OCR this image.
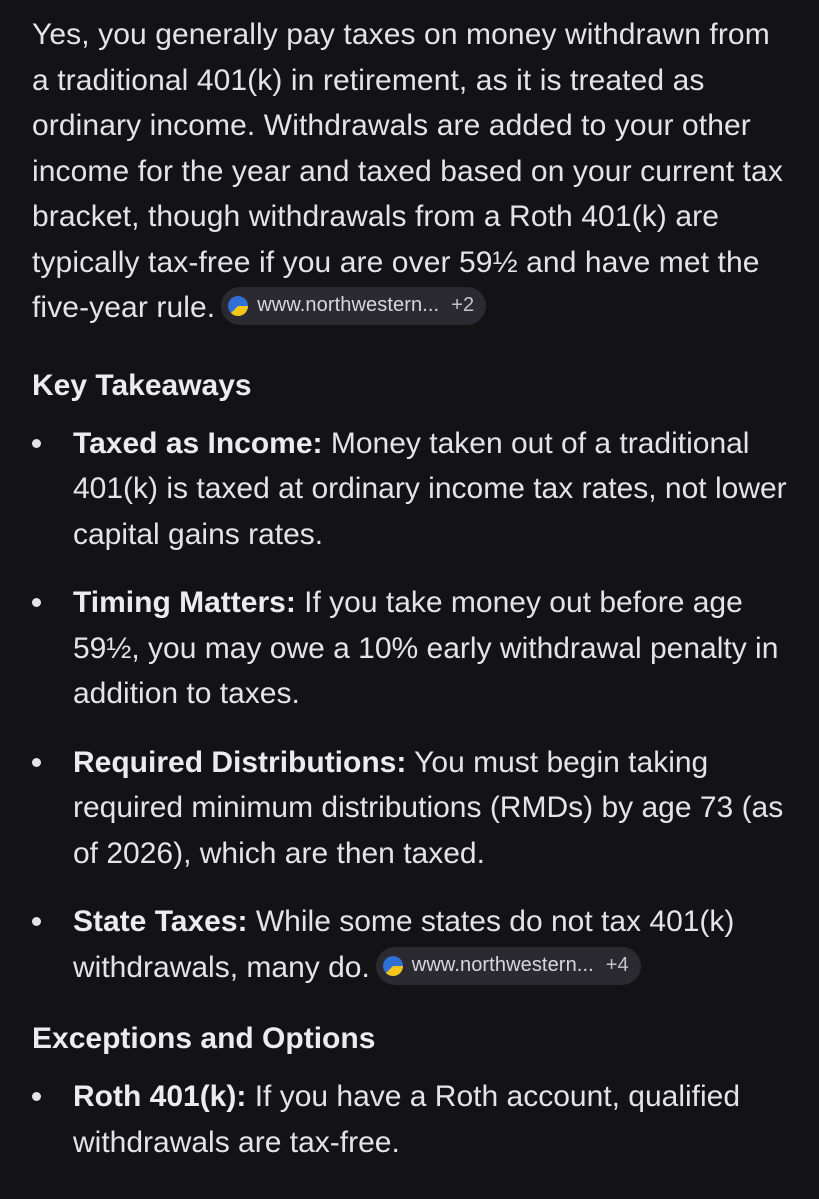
Yes, you generally pay taxes on money withdrawn from a traditional 401(k) in retirement, as it is treated as ordinary income. Withdrawals are added to your other income for the year and taxed based on your current tax bracket, though withdrawals from a Roth 401(k) are typically tax-free if you are over 59½ and have met the five-year rule. www.northwestern... +2

Key Takeaways
Taxed as Income: Money taken out of a traditional 401(k) is taxed at ordinary income tax rates, not lower capital gains rates.
Timing Matters: If you take money out before age 59½, you may owe a 10% early withdrawal penalty in addition to taxes.
Required Distributions: You must begin taking required minimum distributions (RMDs) by age 73 (as of 2026), which are then taxed.
State Taxes: While some states do not tax 401(k) withdrawals, many do. www.northwestern... +4
Exceptions and Options
Roth 401(k): If you have a Roth account, qualified withdrawals are tax-free.
